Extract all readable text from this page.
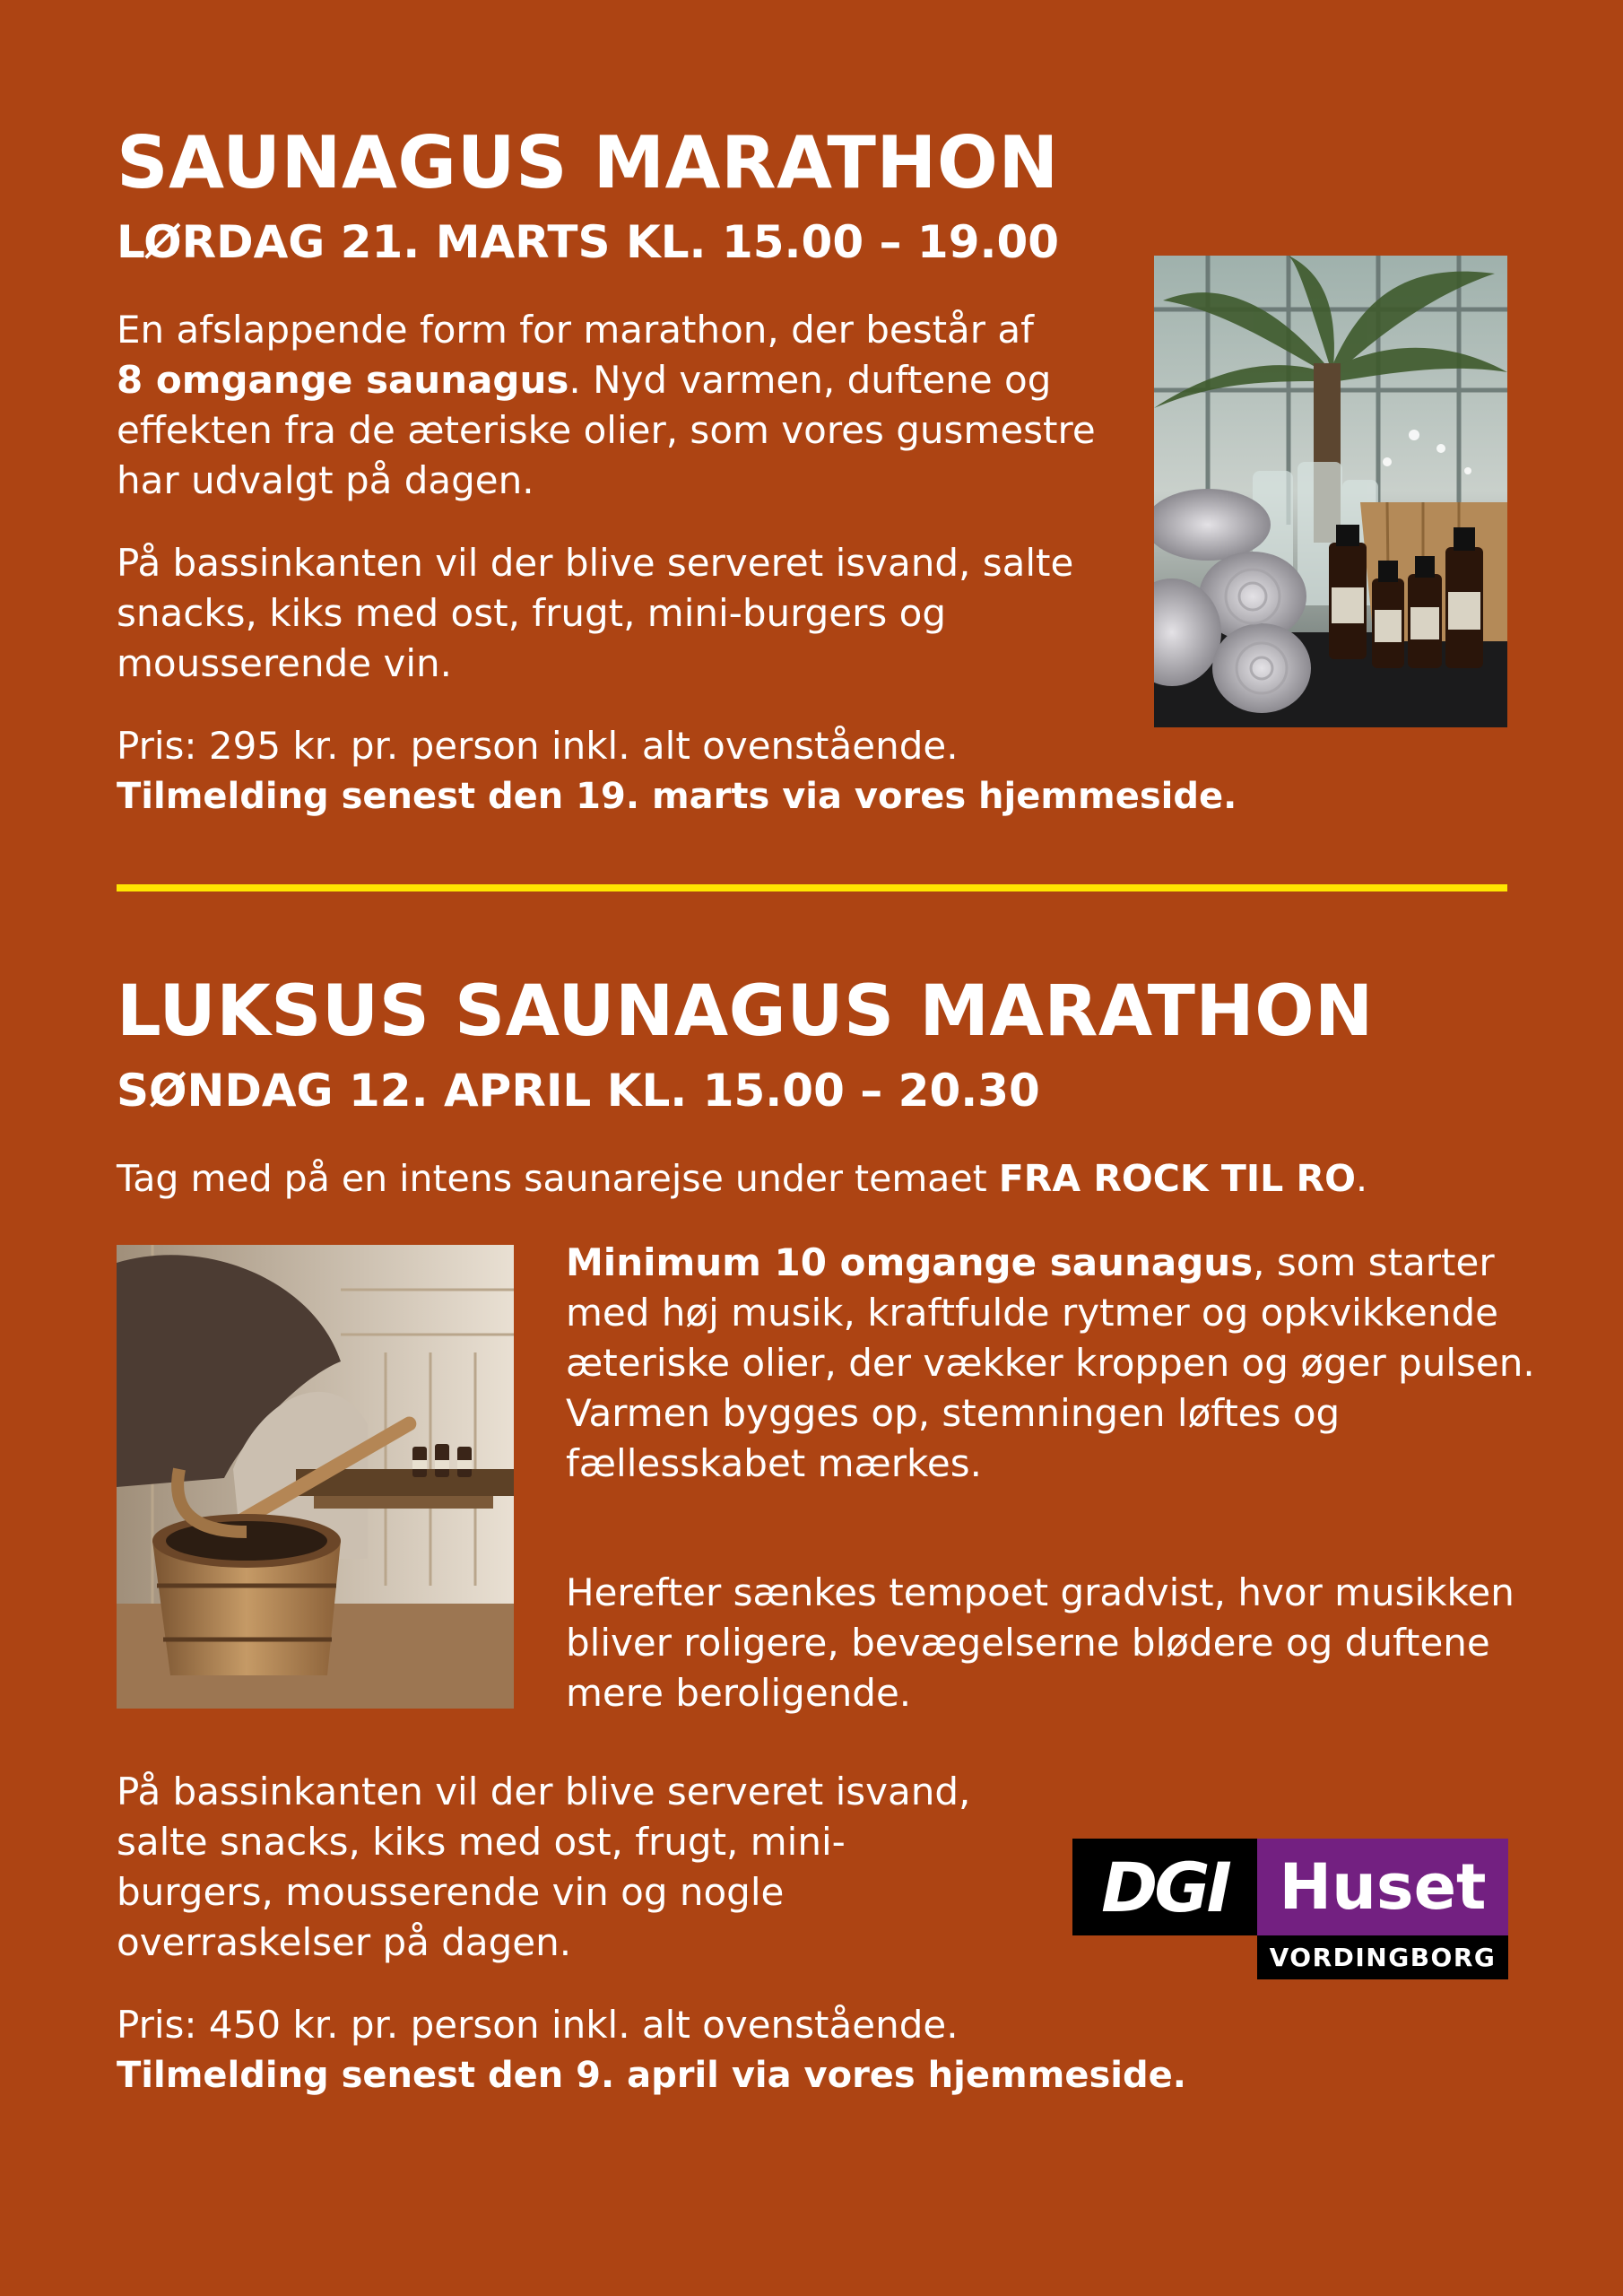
SAUNAGUS MARATHON
LØRDAG 21. MARTS KL. 15.00 – 19.00

En afslappende form for marathon, der består af
8 omgange saunagus. Nyd varmen, duftene og effekten fra de æteriske olier, som vores gusmestre har udvalgt på dagen.

På bassinkanten vil der blive serveret isvand, salte snacks, kiks med ost, frugt, mini-burgers og mousserende vin.

Pris: 295 kr. pr. person inkl. alt ovenstående.

Tilmelding senest den 19. marts via vores hjemmeside.

LUKSUS SAUNAGUS MARATHON
SØNDAG 12. APRIL KL. 15.00 – 20.30

Tag med på en intens saunarejse under temaet FRA ROCK TIL RO.

Minimum 10 omgange saunagus, som starter med høj musik, kraftfulde rytmer og opkvikkende æteriske olier, der vækker kroppen og øger pulsen. Varmen bygges op, stemningen løftes og fællesskabet mærkes.

Herefter sænkes tempoet gradvist, hvor musikken bliver roligere, bevægelserne blødere og duftene mere beroligende.

På bassinkanten vil der blive serveret isvand, salte snacks, kiks med ost, frugt, mini-burgers, mousserende vin og nogle overraskelser på dagen.

Pris: 450 kr. pr. person inkl. alt ovenstående.

Tilmelding senest den 9. april via vores hjemmeside.

DGI Huset
VORDINGBORG
